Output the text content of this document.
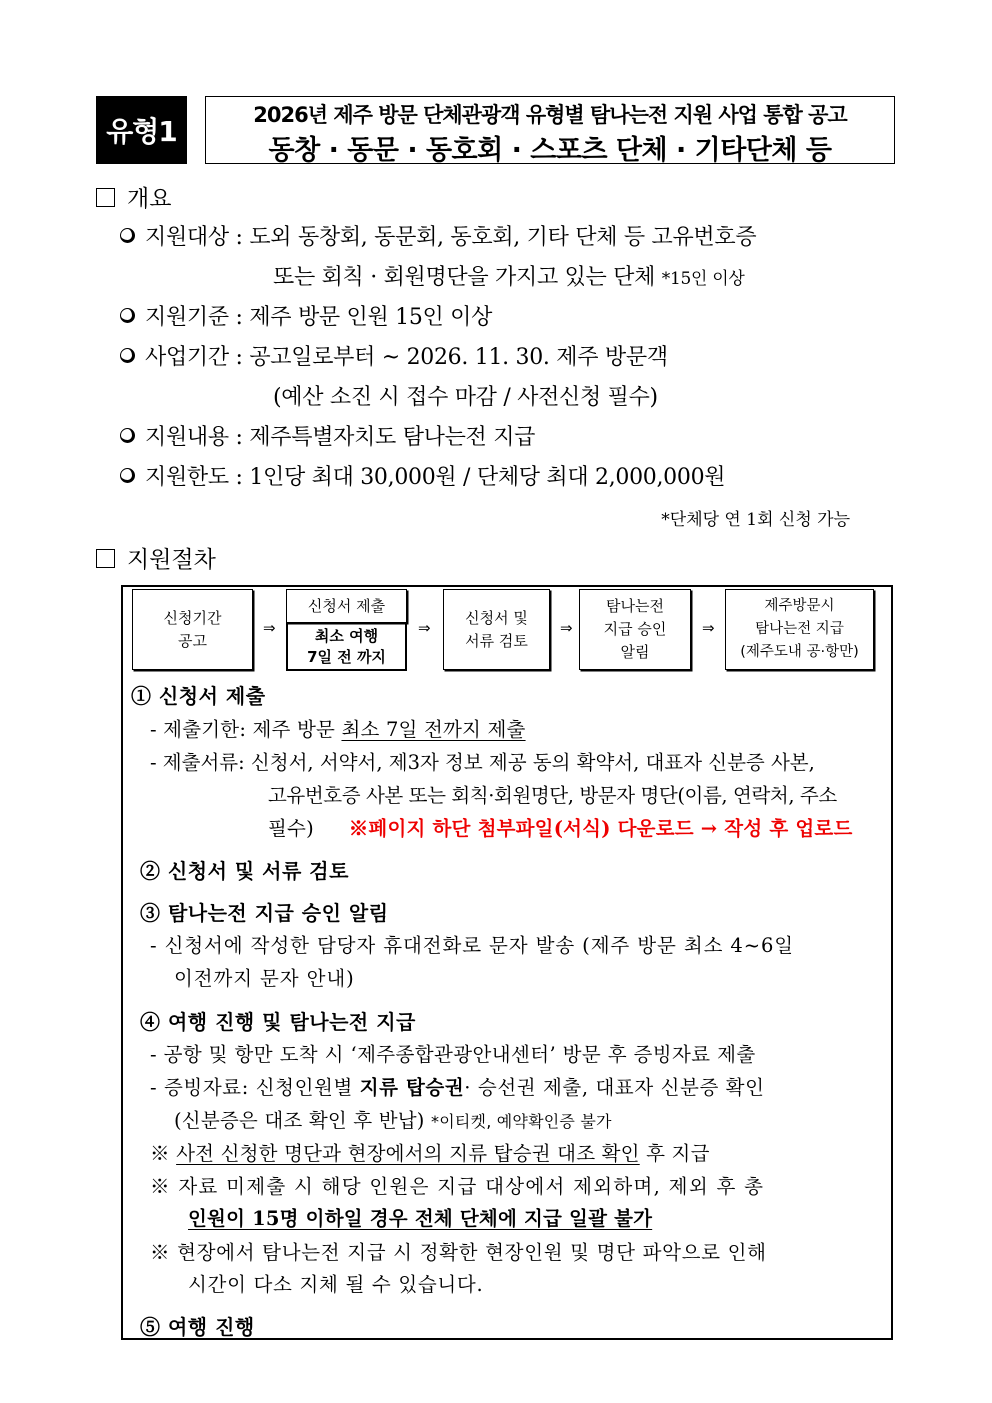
유형1	2026년 제주 방문 단체관광객 유형별 탐나는전 지원 사업 통합 공고
동창 · 동문 · 동호회 · 스포츠 단체 · 기타단체 등
개요
지원대상 : 도외 동창회, 동문회, 동호회, 기타 단체 등 고유번호증
또는 회칙 · 회원명단을 가지고 있는 단체 *15인 이상
지원기준 : 제주 방문 인원 15인 이상
사업기간 : 공고일로부터 ~ 2026. 11. 30. 제주 방문객
(예산 소진 시 접수 마감 / 사전신청 필수)
지원내용 : 제주특별자치도 탐나는전 지급
지원한도 : 1인당 최대 30,000원 / 단체당 최대 2,000,000원
*단체당 연 1회 신청 가능
지원절차
신청기간
공고
⇒
신청서 제출
최소 여행
7일 전 까지
⇒
신청서 및
서류 검토
⇒
탐나는전
지급 승인
알림
⇒
제주방문시
탐나는전 지급
(제주도내 공·항만)
① 신청서 제출
- 제출기한: 제주 방문 최소 7일 전까지 제출
- 제출서류: 신청서, 서약서, 제3자 정보 제공 동의 확약서, 대표자 신분증 사본,
고유번호증 사본 또는 회칙·회원명단, 방문자 명단(이름, 연락처, 주소
필수) ※페이지 하단 첨부파일(서식) 다운로드 → 작성 후 업로드
② 신청서 및 서류 검토
③ 탐나는전 지급 승인 알림
- 신청서에 작성한 담당자 휴대전화로 문자 발송 (제주 방문 최소 4~6일
이전까지 문자 안내)
④ 여행 진행 및 탐나는전 지급
- 공항 및 항만 도착 시 ‘제주종합관광안내센터’ 방문 후 증빙자료 제출
- 증빙자료: 신청인원별 지류 탑승권· 승선권 제출, 대표자 신분증 확인
(신분증은 대조 확인 후 반납) *이티켓, 예약확인증 불가
※ 사전 신청한 명단과 현장에서의 지류 탑승권 대조 확인 후 지급
※ 자료 미제출 시 해당 인원은 지급 대상에서 제외하며, 제외 후 총
인원이 15명 이하일 경우 전체 단체에 지급 일괄 불가
※ 현장에서 탐나는전 지급 시 정확한 현장인원 및 명단 파악으로 인해
시간이 다소 지체 될 수 있습니다.
⑤ 여행 진행
